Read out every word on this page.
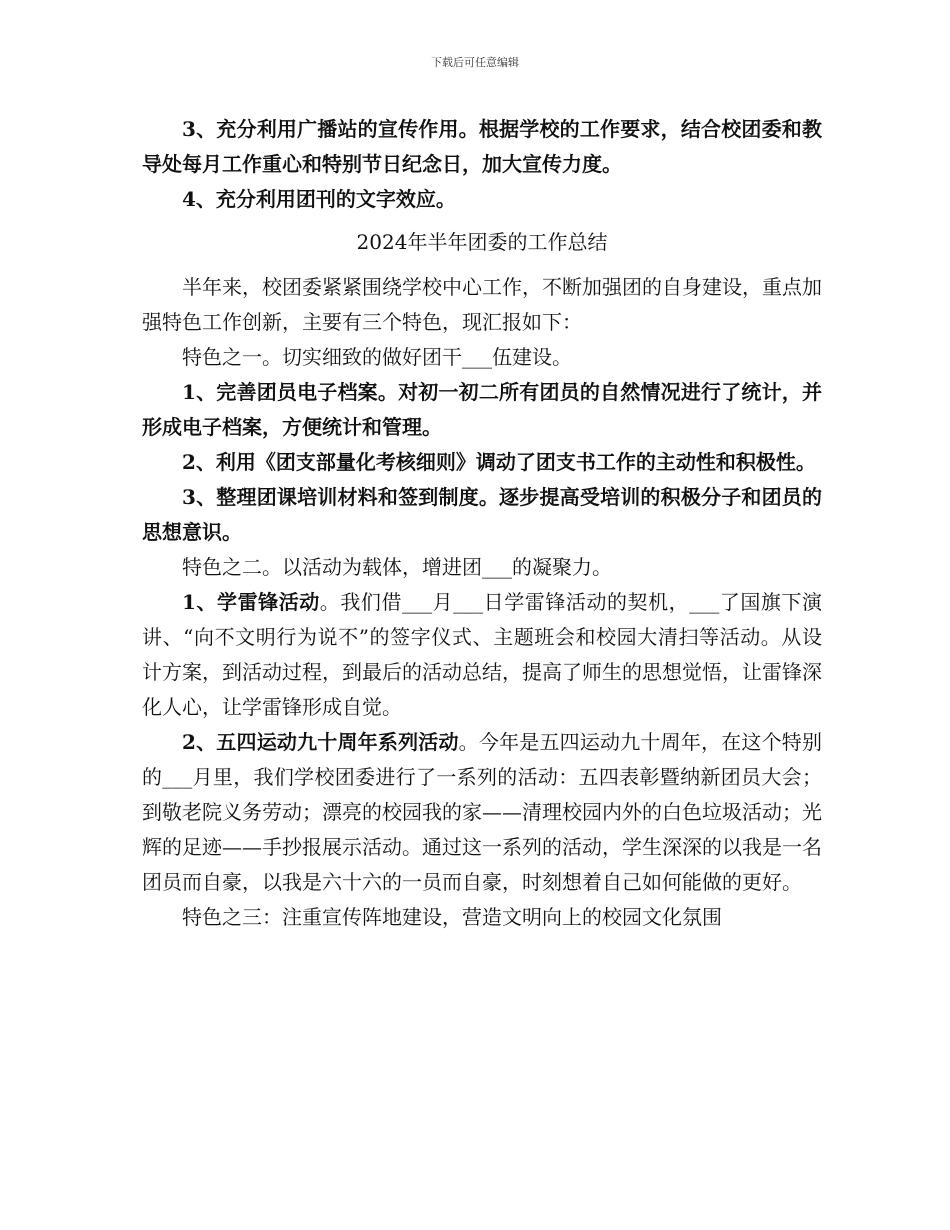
下载后可任意编辑

3、充分利用广播站的宣传作用。根据学校的工作要求，结合校团委和教导处每月工作重心和特别节日纪念日，加大宣传力度。

4、充分利用团刊的文字效应。

2024年半年团委的工作总结

半年来，校团委紧紧围绕学校中心工作，不断加强团的自身建设，重点加强特色工作创新，主要有三个特色，现汇报如下：

特色之一。切实细致的做好团干___伍建设。

1、完善团员电子档案。对初一初二所有团员的自然情况进行了统计，并形成电子档案，方便统计和管理。

2、利用《团支部量化考核细则》调动了团支书工作的主动性和积极性。

3、整理团课培训材料和签到制度。逐步提高受培训的积极分子和团员的思想意识。

特色之二。以活动为载体，增进团___的凝聚力。

1、学雷锋活动。我们借___月___日学雷锋活动的契机，___了国旗下演讲、“向不文明行为说不”的签字仪式、主题班会和校园大清扫等活动。从设计方案，到活动过程，到最后的活动总结，提高了师生的思想觉悟，让雷锋深化人心，让学雷锋形成自觉。

2、五四运动九十周年系列活动。今年是五四运动九十周年，在这个特别的___月里，我们学校团委进行了一系列的活动：五四表彰暨纳新团员大会；到敬老院义务劳动；漂亮的校园我的家——清理校园内外的白色垃圾活动；光辉的足迹——手抄报展示活动。通过这一系列的活动，学生深深的以我是一名团员而自豪，以我是六十六的一员而自豪，时刻想着自己如何能做的更好。

特色之三：注重宣传阵地建设，营造文明向上的校园文化氛围
